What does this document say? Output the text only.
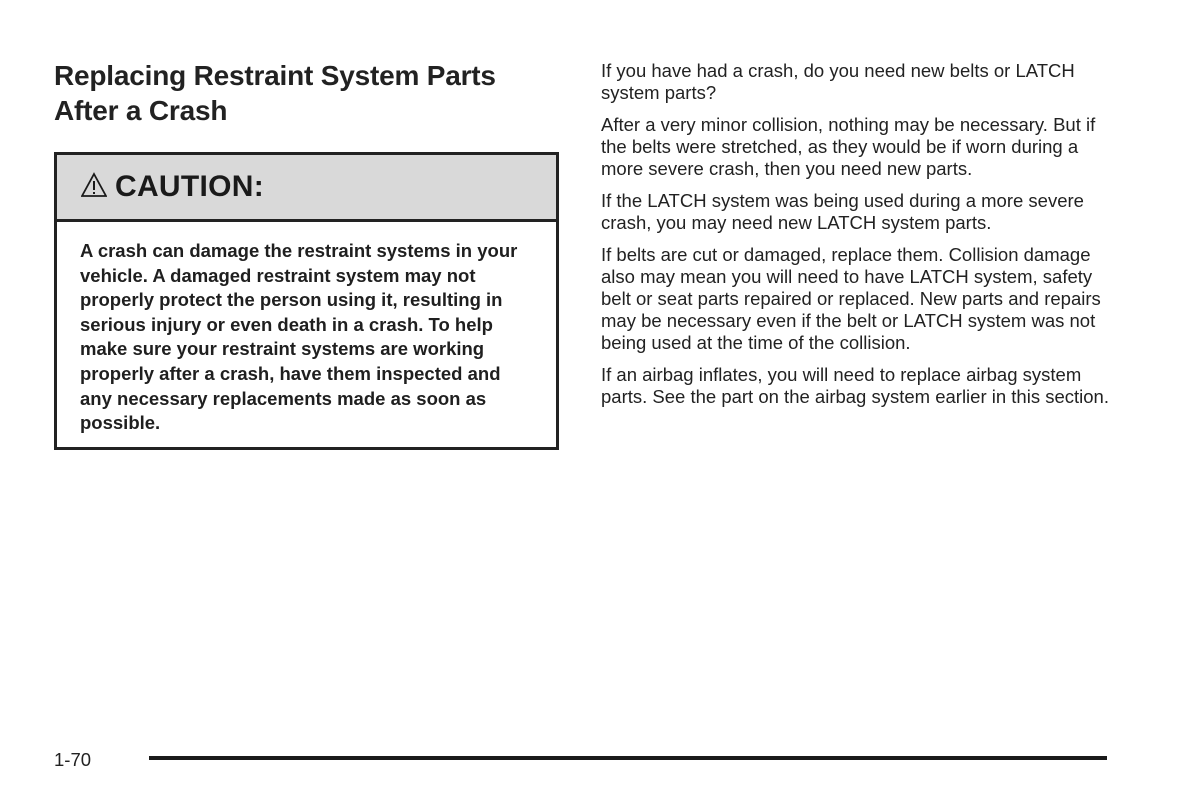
Replacing Restraint System Parts
After a Crash
CAUTION:
A crash can damage the restraint systems in your vehicle. A damaged restraint system may not properly protect the person using it, resulting in serious injury or even death in a crash. To help make sure your restraint systems are working properly after a crash, have them inspected and any necessary replacements made as soon as possible.

If you have had a crash, do you need new belts or LATCH system parts?

After a very minor collision, nothing may be necessary. But if the belts were stretched, as they would be if worn during a more severe crash, then you need new parts.

If the LATCH system was being used during a more severe crash, you may need new LATCH system parts.

If belts are cut or damaged, replace them. Collision damage also may mean you will need to have LATCH system, safety belt or seat parts repaired or replaced. New parts and repairs may be necessary even if the belt or LATCH system was not being used at the time of the collision.

If an airbag inflates, you will need to replace airbag system parts. See the part on the airbag system earlier in this section.

1-70
